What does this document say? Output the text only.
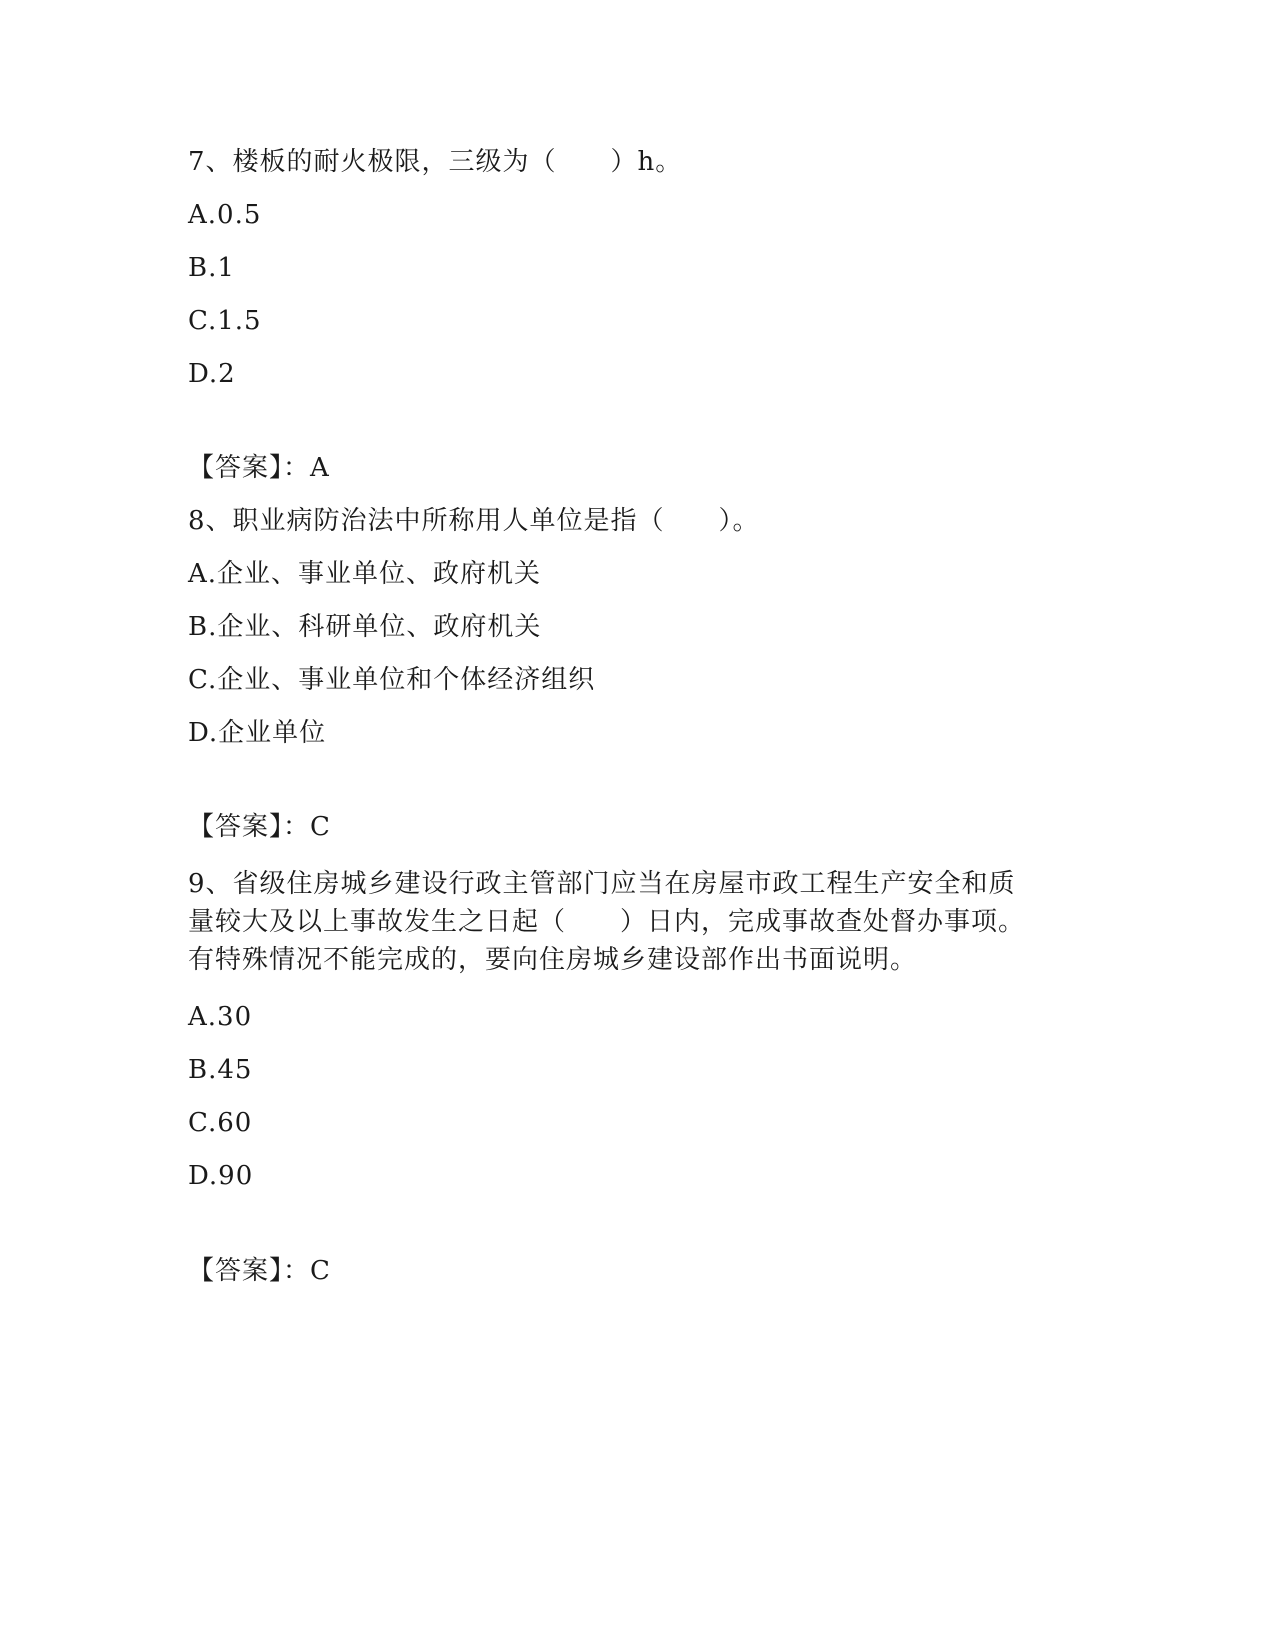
7、楼板的耐火极限，三级为（　　）h。
A.0.5
B.1
C.1.5
D.2
【答案】：A
8、职业病防治法中所称用人单位是指（　　）。
A.企业、事业单位、政府机关
B.企业、科研单位、政府机关
C.企业、事业单位和个体经济组织
D.企业单位
【答案】：C
9、省级住房城乡建设行政主管部门应当在房屋市政工程生产安全和质
量较大及以上事故发生之日起（　　）日内，完成事故查处督办事项。
有特殊情况不能完成的，要向住房城乡建设部作出书面说明。
A.30
B.45
C.60
D.90
【答案】：C
